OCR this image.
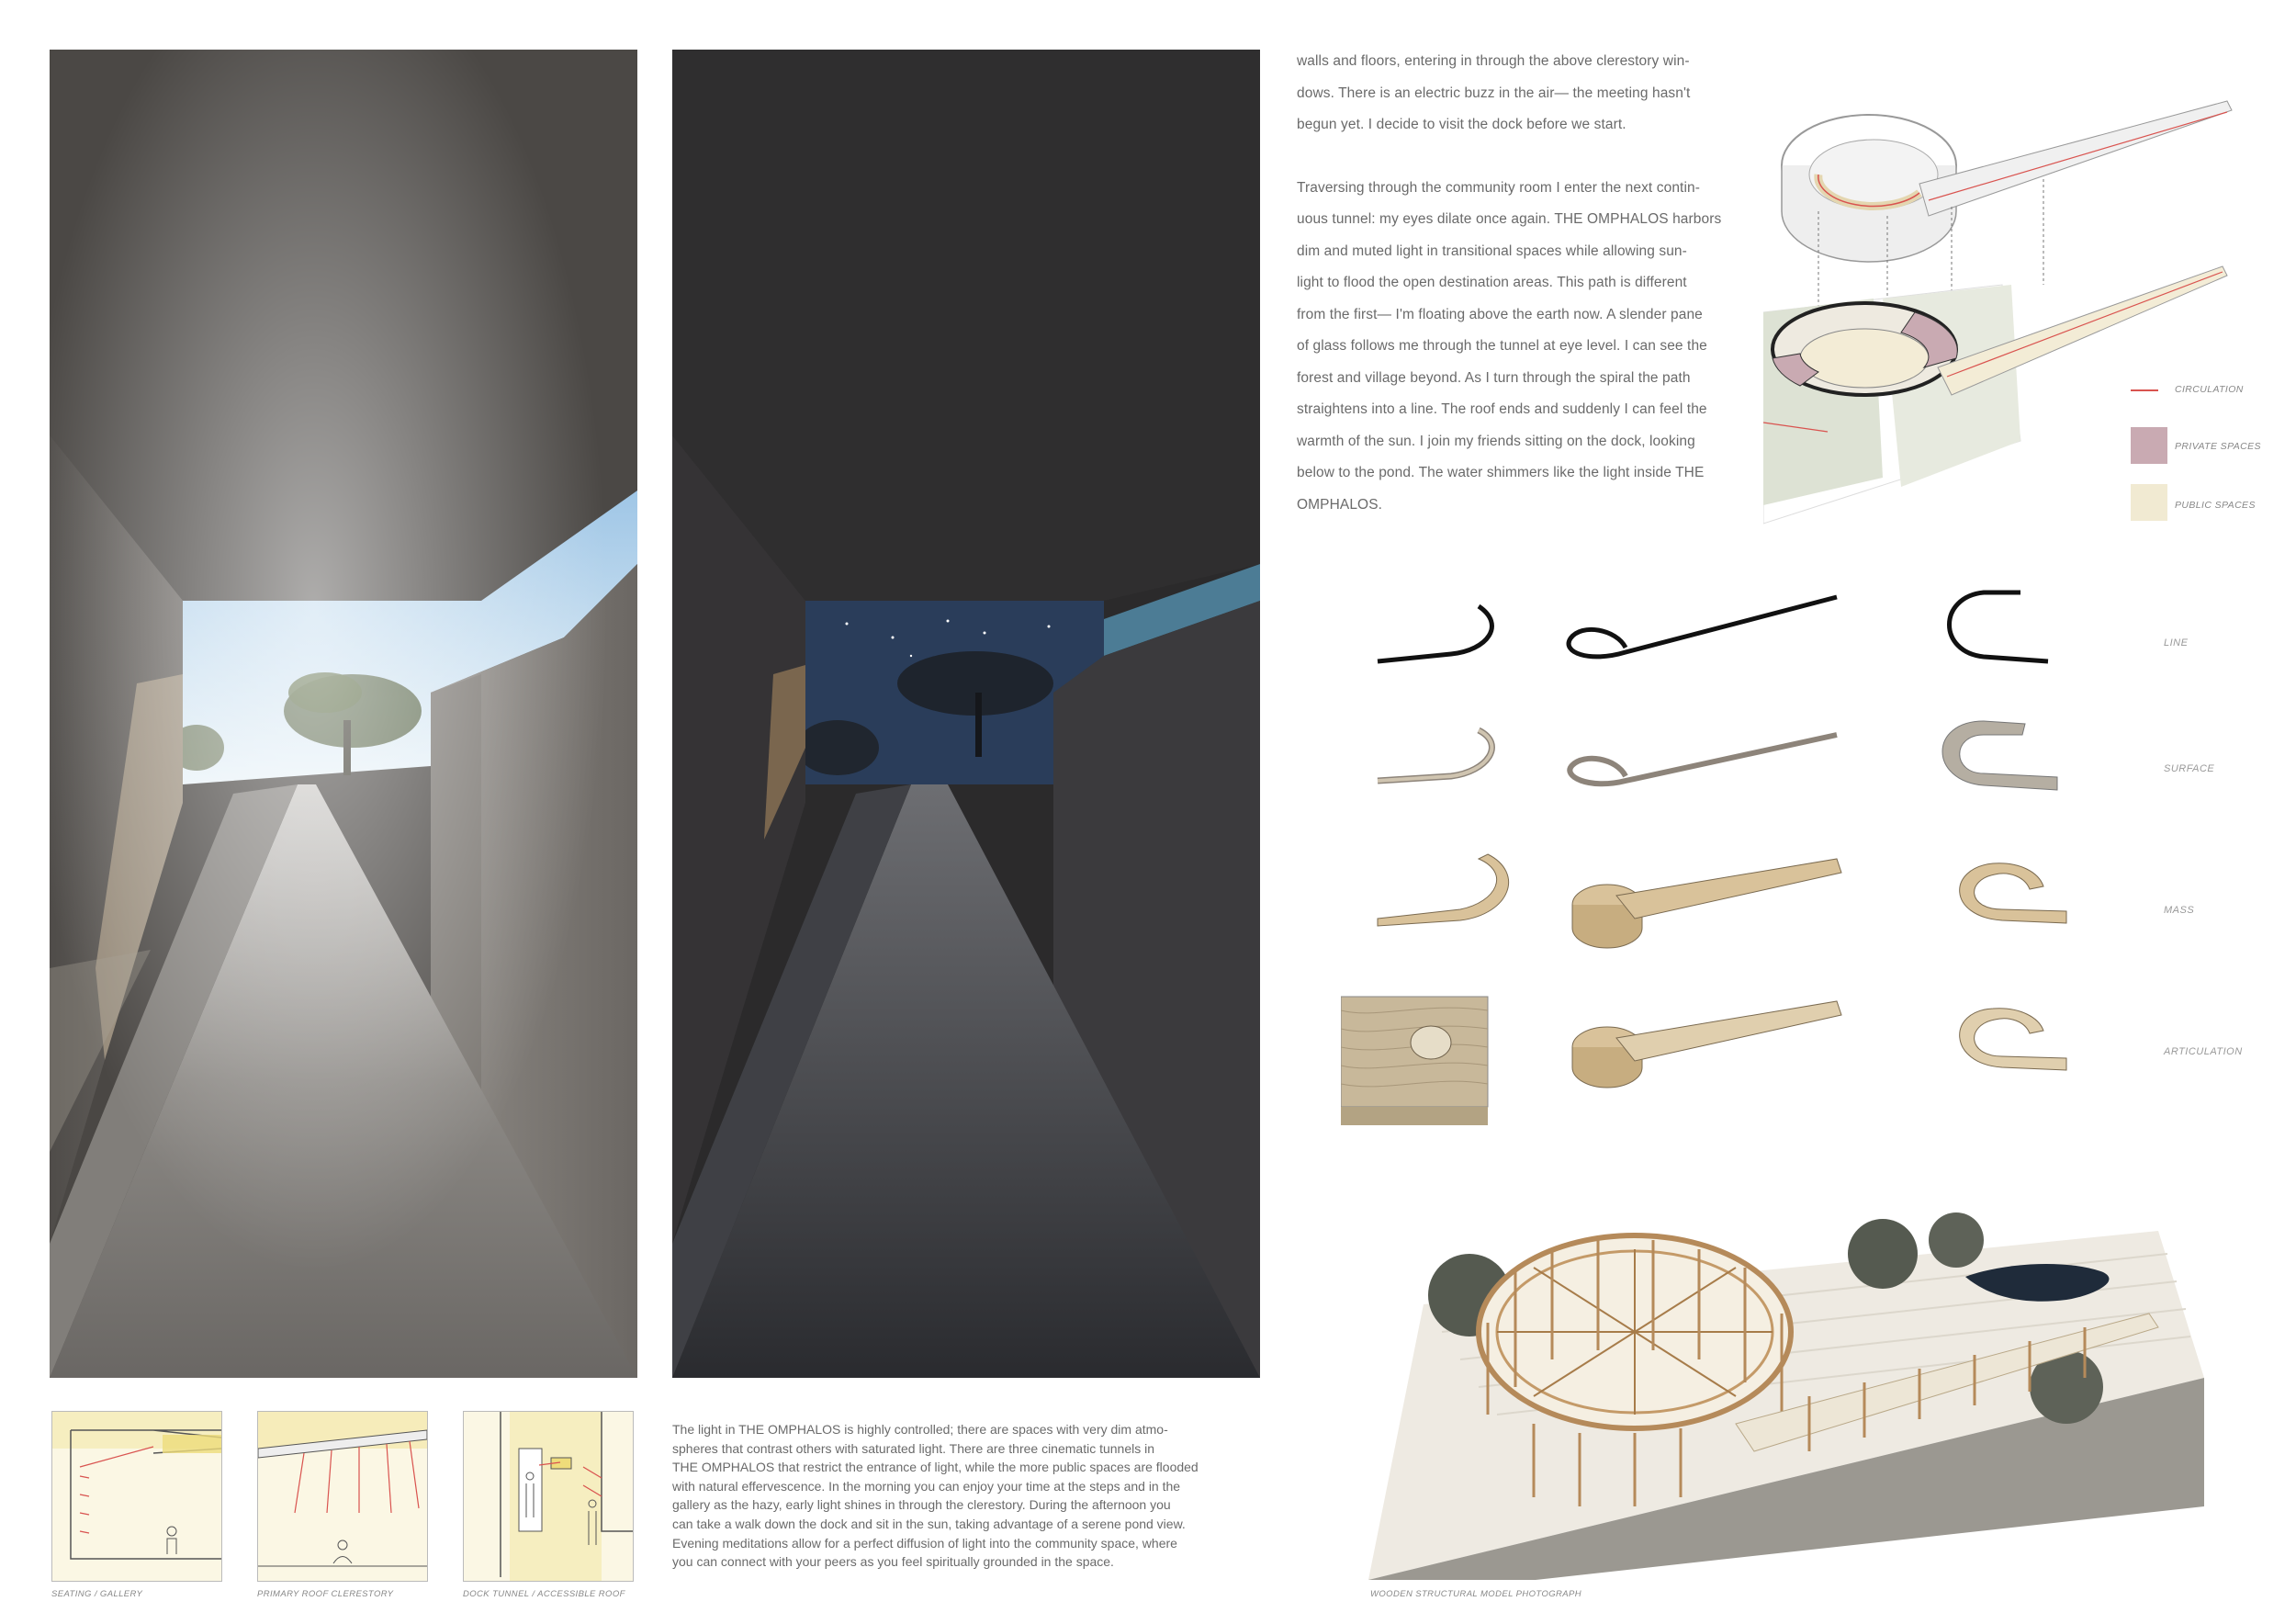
walls and floors, entering in through the above clerestory win-

dows. There is an electric buzz in the air— the meeting hasn't

begun yet. I decide to visit the dock before we start.

Traversing through the community room I enter the next contin-

uous tunnel: my eyes dilate once again. THE OMPHALOS harbors

dim and muted light in transitional spaces while allowing sun-

light to flood the open destination areas. This path is different

from the first— I'm floating above the earth now. A slender pane

of glass follows me through the tunnel at eye level. I can see the

forest and village beyond. As I turn through the spiral the path

straightens into a line. The roof ends and suddenly I can feel the

warmth of the sun. I join my friends sitting on the dock, looking

below to the pond. The water shimmers like the light inside THE

OMPHALOS.

CIRCULATION
PRIVATE SPACES
PUBLIC SPACES
LINE
SURFACE
MASS
ARTICULATION
WOODEN STRUCTURAL MODEL PHOTOGRAPH
SEATING / GALLERY	PRIMARY ROOF CLERESTORY	DOCK TUNNEL / ACCESSIBLE ROOF
The light in THE OMPHALOS is highly controlled; there are spaces with very dim atmo-
spheres that contrast others with saturated light. There are three cinematic tunnels in
THE OMPHALOS that restrict the entrance of light, while the more public spaces are flooded
with natural effervescence. In the morning you can enjoy your time at the steps and in the
gallery as the hazy, early light shines in through the clerestory. During the afternoon you
can take a walk down the dock and sit in the sun, taking advantage of a serene pond view.
Evening meditations allow for a perfect diffusion of light into the community space, where
you can connect with your peers as you feel spiritually grounded in the space.
